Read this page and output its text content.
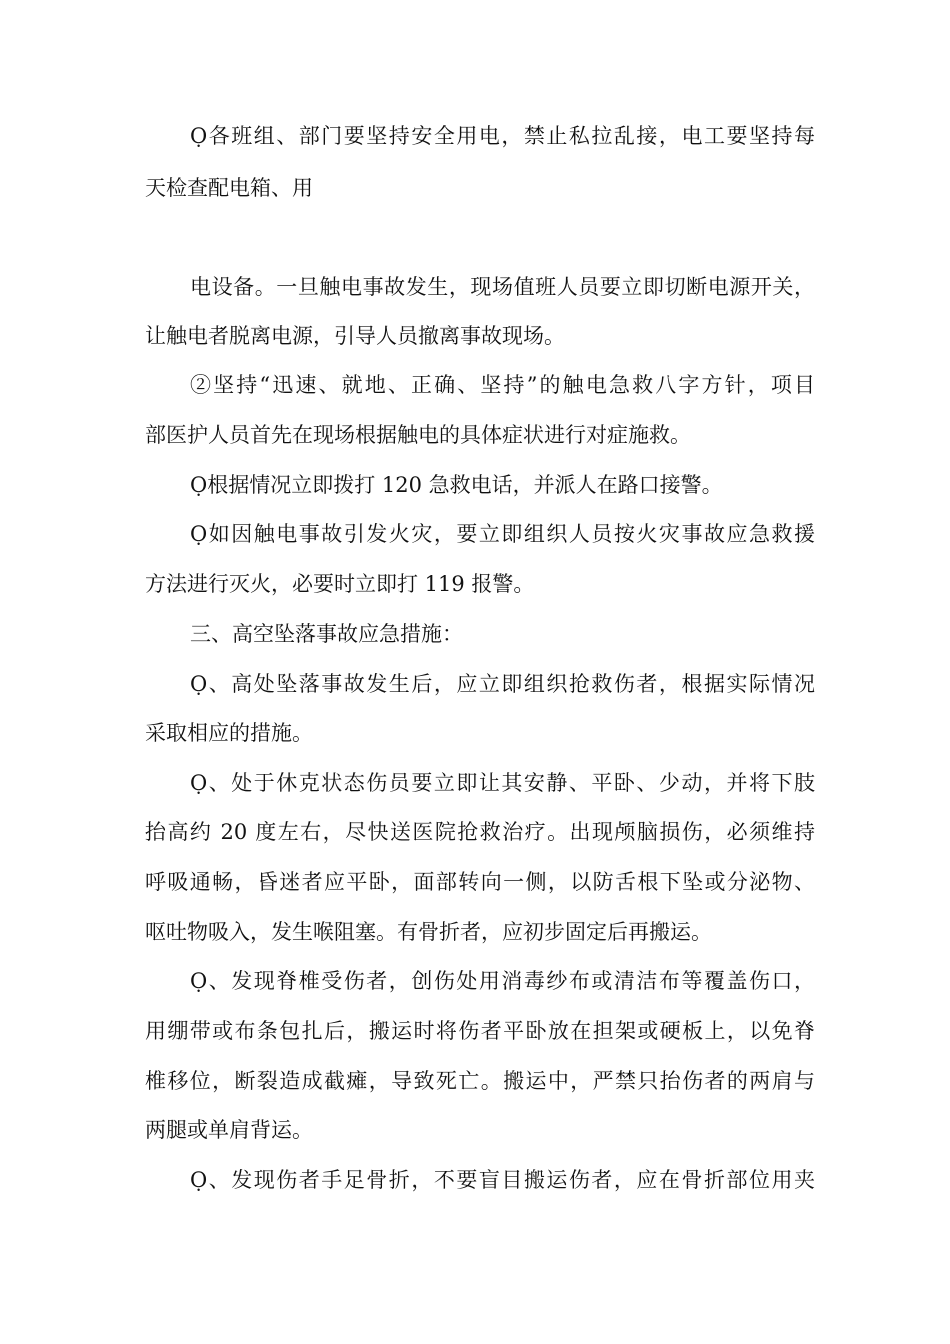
Ọ各班组、部门要坚持安全用电，禁止私拉乱接，电工要坚持每
天检查配电箱、用
电设备。一旦触电事故发生，现场值班人员要立即切断电源开关，
让触电者脱离电源，引导人员撤离事故现场。
②坚持“迅速、就地、正确、坚持”的触电急救八字方针，项目
部医护人员首先在现场根据触电的具体症状进行对症施救。
Ọ根据情况立即拨打 120 急救电话，并派人在路口接警。
Ọ如因触电事故引发火灾，要立即组织人员按火灾事故应急救援
方法进行灭火，必要时立即打 119 报警。
三、高空坠落事故应急措施：
Ọ、高处坠落事故发生后，应立即组织抢救伤者，根据实际情况
采取相应的措施。
Ọ、处于休克状态伤员要立即让其安静、平卧、少动，并将下肢
抬高约 20 度左右，尽快送医院抢救治疗。出现颅脑损伤，必须维持
呼吸通畅，昏迷者应平卧，面部转向一侧，以防舌根下坠或分泌物、
呕吐物吸入，发生喉阻塞。有骨折者，应初步固定后再搬运。
Ọ、发现脊椎受伤者，创伤处用消毒纱布或清洁布等覆盖伤口，
用绷带或布条包扎后，搬运时将伤者平卧放在担架或硬板上，以免脊
椎移位，断裂造成截瘫，导致死亡。搬运中，严禁只抬伤者的两肩与
两腿或单肩背运。
Ọ、发现伤者手足骨折，不要盲目搬运伤者，应在骨折部位用夹
